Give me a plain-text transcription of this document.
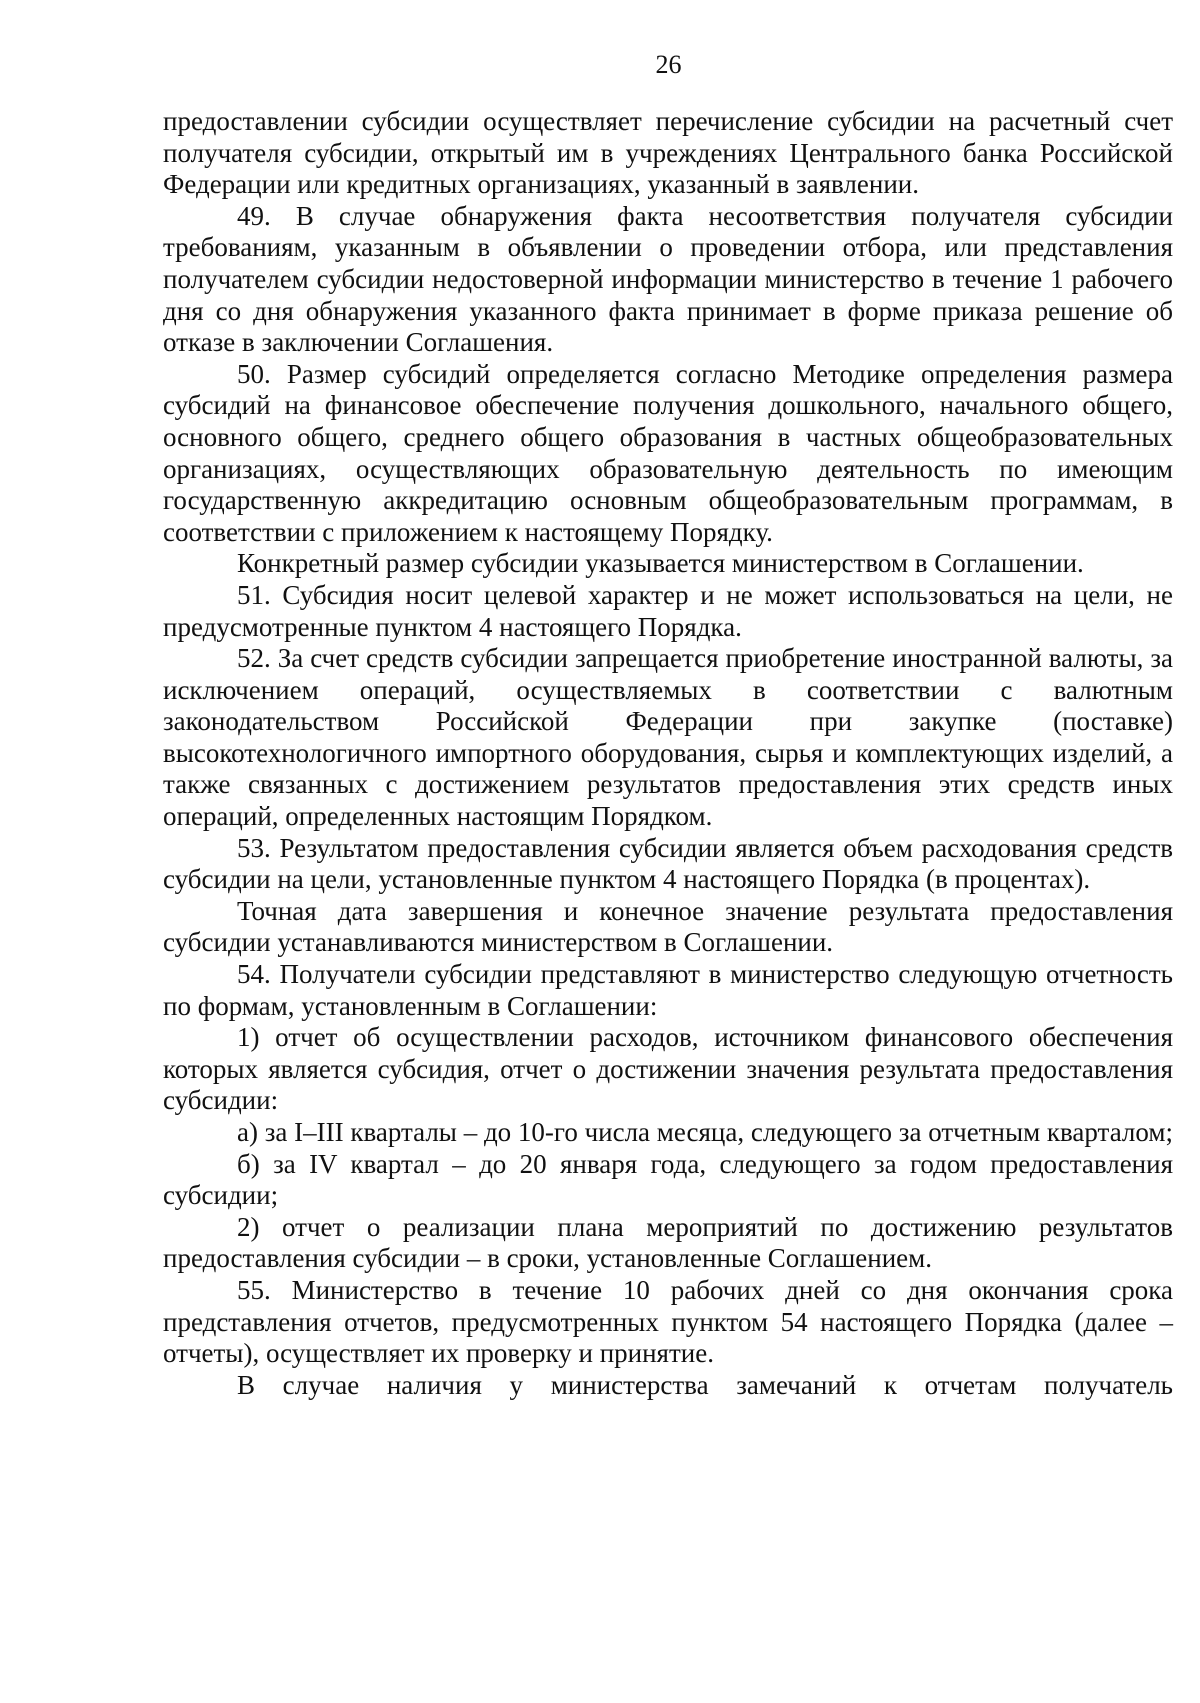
26

предоставлении субсидии осуществляет перечисление субсидии на расчетный счет получателя субсидии, открытый им в учреждениях Центрального банка Российской Федерации или кредитных организациях, указанный в заявлении.

49. В случае обнаружения факта несоответствия получателя субсидии требованиям, указанным в объявлении о проведении отбора, или представления получателем субсидии недостоверной информации министерство в течение 1 рабочего дня со дня обнаружения указанного факта принимает в форме приказа решение об отказе в заключении Соглашения.

50. Размер субсидий определяется согласно Методике определения размера субсидий на финансовое обеспечение получения дошкольного, начального общего, основного общего, среднего общего образования в частных общеобразовательных организациях, осуществляющих образовательную деятельность по имеющим государственную аккредитацию основным общеобразовательным программам, в соответствии с приложением к настоящему Порядку.

Конкретный размер субсидии указывается министерством в Соглашении.

51. Субсидия носит целевой характер и не может использоваться на цели, не предусмотренные пунктом 4 настоящего Порядка.

52. За счет средств субсидии запрещается приобретение иностранной валюты, за исключением операций, осуществляемых в соответствии с валютным законодательством Российской Федерации при закупке (поставке) высокотехнологичного импортного оборудования, сырья и комплектующих изделий, а также связанных с достижением результатов предоставления этих средств иных операций, определенных настоящим Порядком.

53. Результатом предоставления субсидии является объем расходования средств субсидии на цели, установленные пунктом 4 настоящего Порядка (в процентах).

Точная дата завершения и конечное значение результата предоставления субсидии устанавливаются министерством в Соглашении.

54. Получатели субсидии представляют в министерство следующую отчетность по формам, установленным в Соглашении:

1) отчет об осуществлении расходов, источником финансового обеспечения которых является субсидия, отчет о достижении значения результата предоставления субсидии:

а) за I–III кварталы – до 10-го числа месяца, следующего за отчетным кварталом;

б) за IV квартал – до 20 января года, следующего за годом предоставления субсидии;

2) отчет о реализации плана мероприятий по достижению результатов предоставления субсидии – в сроки, установленные Соглашением.

55. Министерство в течение 10 рабочих дней со дня окончания срока представления отчетов, предусмотренных пунктом 54 настоящего Порядка (далее – отчеты), осуществляет их проверку и принятие.

В случае наличия у министерства замечаний к отчетам получатель
